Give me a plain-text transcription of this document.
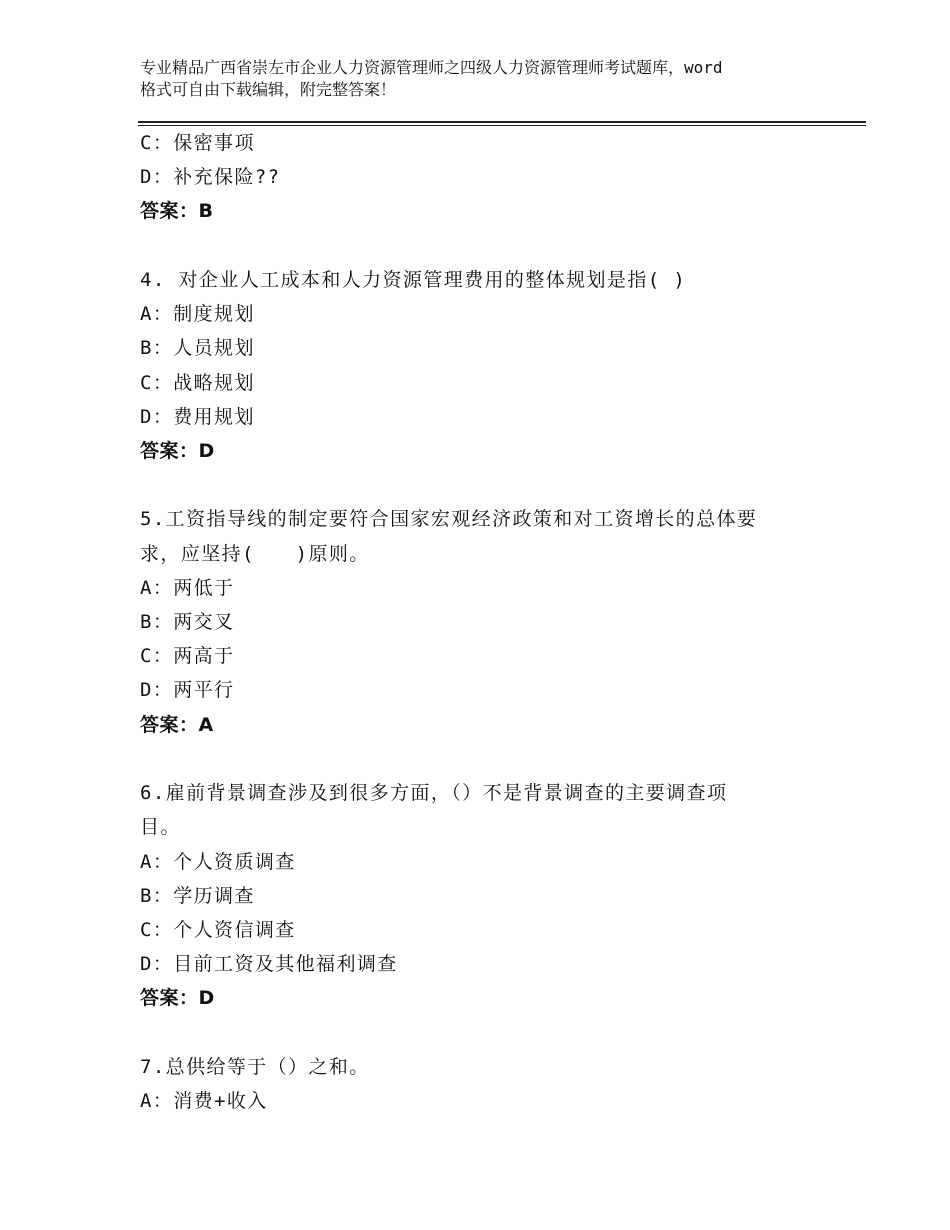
专业精品广西省崇左市企业人力资源管理师之四级人力资源管理师考试题库，word
格式可自由下载编辑，附完整答案！
C：保密事项
D：补充保险??
答案：B
4. 对企业人工成本和人力资源管理费用的整体规划是指( )
A：制度规划
B：人员规划
C：战略规划
D：费用规划
答案：D
5.工资指导线的制定要符合国家宏观经济政策和对工资增长的总体要
求，应坚持(　　)原则。
A：两低于
B：两交叉
C：两高于
D：两平行
答案：A
6.雇前背景调查涉及到很多方面，（）不是背景调查的主要调查项
目。
A：个人资质调查
B：学历调查
C：个人资信调查
D：目前工资及其他福利调查
答案：D
7.总供给等于（）之和。
A：消费+收入
